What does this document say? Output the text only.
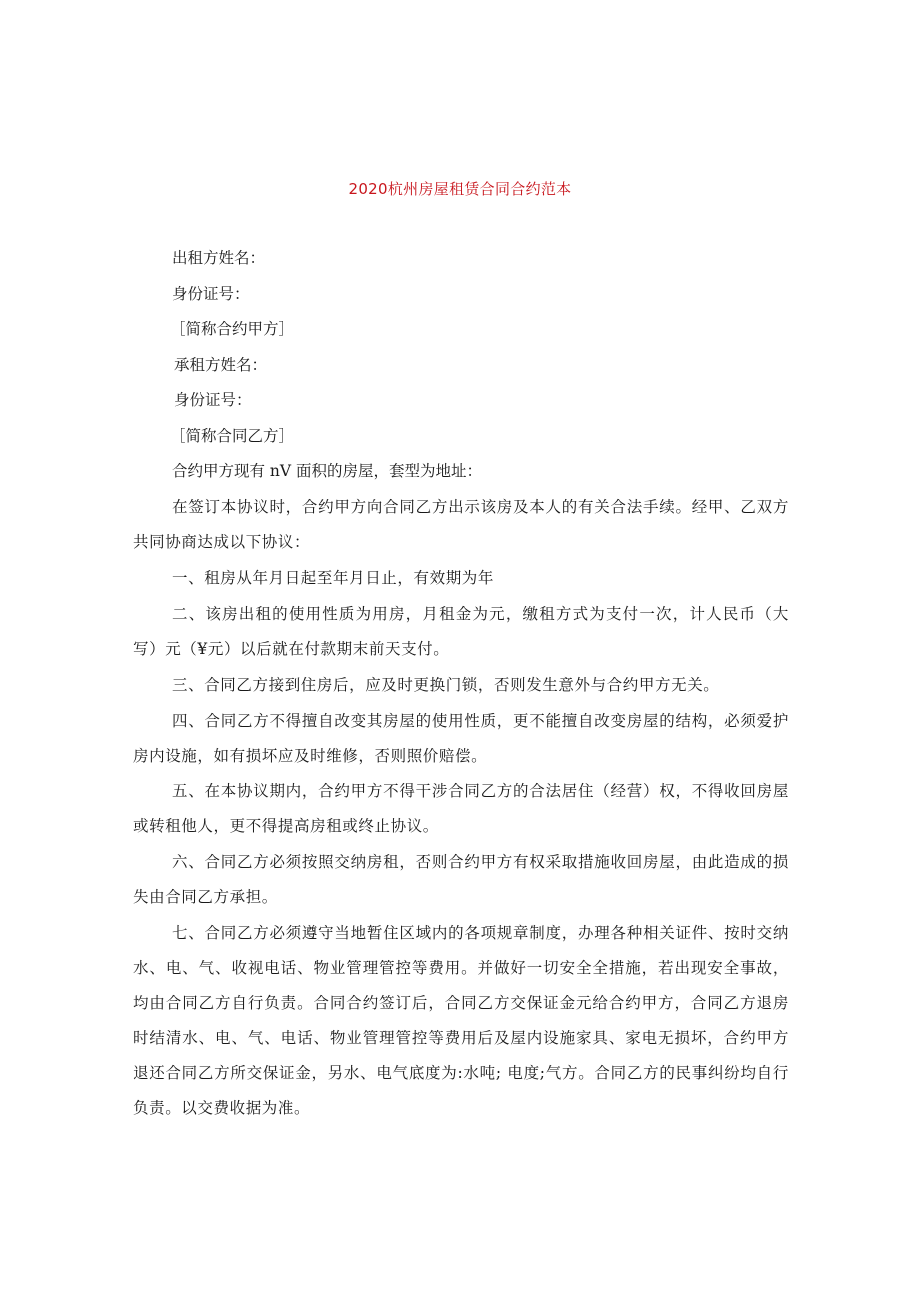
2020杭州房屋租赁合同合约范本
出租方姓名：
身份证号：
［简称合约甲方］
承租方姓名：
身份证号：
［简称合同乙方］
合约甲方现有 nV 面积的房屋，套型为地址：
在签订本协议时，合约甲方向合同乙方出示该房及本人的有关合法手续。经甲、乙双方共同协商达成以下协议：
一、租房从年月日起至年月日止，有效期为年
二、该房出租的使用性质为用房，月租金为元，缴租方式为支付一次，计人民币（大写）元（¥元）以后就在付款期末前天支付。
三、合同乙方接到住房后，应及时更换门锁，否则发生意外与合约甲方无关。
四、合同乙方不得擅自改变其房屋的使用性质，更不能擅自改变房屋的结构，必须爱护房内设施，如有损坏应及时维修，否则照价赔偿。
五、在本协议期内，合约甲方不得干涉合同乙方的合法居住（经营）权，不得收回房屋或转租他人，更不得提高房租或终止协议。
六、合同乙方必须按照交纳房租，否则合约甲方有权采取措施收回房屋，由此造成的损失由合同乙方承担。
七、合同乙方必须遵守当地暂住区域内的各项规章制度，办理各种相关证件、按时交纳水、电、气、收视电话、物业管理管控等费用。并做好一切安全全措施，若出现安全事故，均由合同乙方自行负责。合同合约签订后，合同乙方交保证金元给合约甲方，合同乙方退房时结清水、电、气、电话、物业管理管控等费用后及屋内设施家具、家电无损坏，合约甲方退还合同乙方所交保证金，另水、电气底度为:水吨; 电度;气方。合同乙方的民事纠纷均自行负责。以交费收据为准。
